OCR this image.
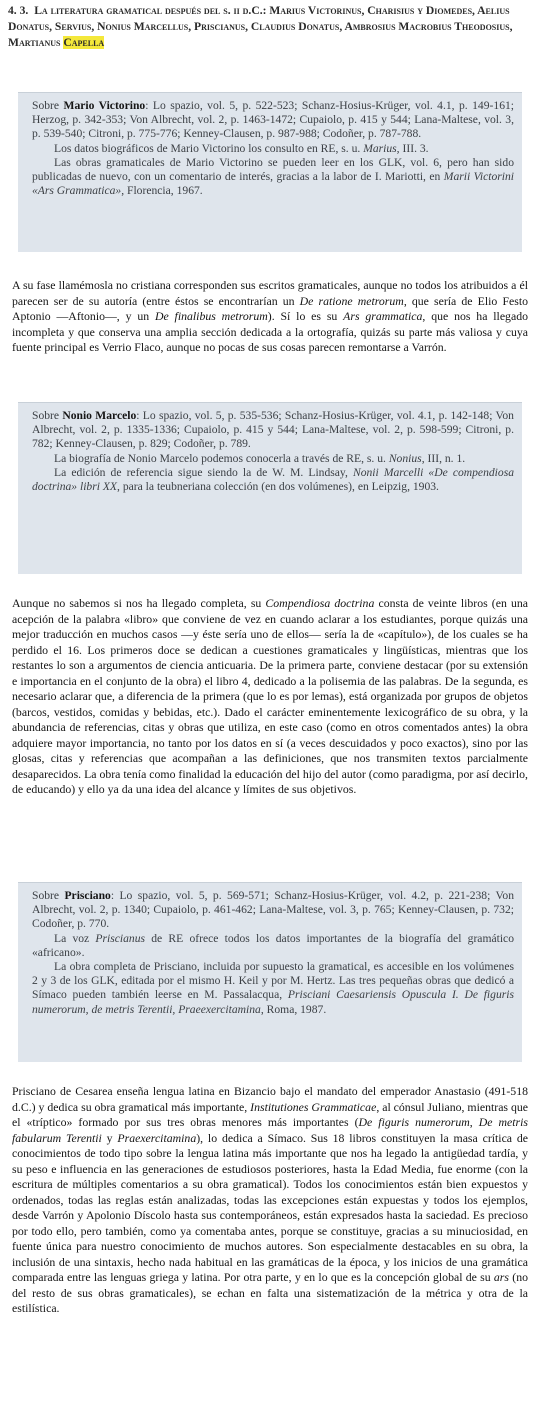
4. 3. La literatura gramatical después del s. ii d.C.: Marius Victorinus, Charisius y Diomedes, Aelius Donatus, Servius, Nonius Marcellus, Priscianus, Claudius Donatus, Ambrosius Macrobius Theodosius, Martianus Capella

Sobre Mario Victorino: Lo spazio, vol. 5, p. 522-523; Schanz-Hosius-Krüger, vol. 4.1, p. 149-161; Herzog, p. 342-353; Von Albrecht, vol. 2, p. 1463-1472; Cupaiolo, p. 415 y 544; Lana-Maltese, vol. 3, p. 539-540; Citroni, p. 775-776; Kenney-Clausen, p. 987-988; Codoñer, p. 787-788.

Los datos biográficos de Mario Victorino los consulto en RE, s. u. Marius, III. 3.

Las obras gramaticales de Mario Victorino se pueden leer en los GLK, vol. 6, pero han sido publicadas de nuevo, con un comentario de interés, gracias a la labor de I. Mariotti, en Marii Victorini «Ars Grammatica», Florencia, 1967.

A su fase llamémosla no cristiana corresponden sus escritos gramaticales, aunque no todos los atribuidos a él parecen ser de su autoría (entre éstos se encontrarían un De ratione metrorum, que sería de Elio Festo Aptonio —Aftonio—, y un De finalibus metrorum). Sí lo es su Ars grammatica, que nos ha llegado incompleta y que conserva una amplia sección dedicada a la ortografía, quizás su parte más valiosa y cuya fuente principal es Verrio Flaco, aunque no pocas de sus cosas parecen remontarse a Varrón.

Sobre Nonio Marcelo: Lo spazio, vol. 5, p. 535-536; Schanz-Hosius-Krüger, vol. 4.1, p. 142-148; Von Albrecht, vol. 2, p. 1335-1336; Cupaiolo, p. 415 y 544; Lana-Maltese, vol. 2, p. 598-599; Citroni, p. 782; Kenney-Clausen, p. 829; Codoñer, p. 789.

La biografía de Nonio Marcelo podemos conocerla a través de RE, s. u. Nonius, III, n. 1.

La edición de referencia sigue siendo la de W. M. Lindsay, Nonii Marcelli «De compendiosa doctrina» libri XX, para la teubneriana colección (en dos volúmenes), en Leipzig, 1903.

Aunque no sabemos si nos ha llegado completa, su Compendiosa doctrina consta de veinte libros (en una acepción de la palabra «libro» que conviene de vez en cuando aclarar a los estudiantes, porque quizás una mejor traducción en muchos casos —y éste sería uno de ellos— sería la de «capítulo»), de los cuales se ha perdido el 16. Los primeros doce se dedican a cuestiones gramaticales y lingüísticas, mientras que los restantes lo son a argumentos de ciencia anticuaria. De la primera parte, conviene destacar (por su extensión e importancia en el conjunto de la obra) el libro 4, dedicado a la polisemia de las palabras. De la segunda, es necesario aclarar que, a diferencia de la primera (que lo es por lemas), está organizada por grupos de objetos (barcos, vestidos, comidas y bebidas, etc.). Dado el carácter eminentemente lexicográfico de su obra, y la abundancia de referencias, citas y obras que utiliza, en este caso (como en otros comentados antes) la obra adquiere mayor importancia, no tanto por los datos en sí (a veces descuidados y poco exactos), sino por las glosas, citas y referencias que acompañan a las definiciones, que nos transmiten textos parcialmente desaparecidos. La obra tenía como finalidad la educación del hijo del autor (como paradigma, por así decirlo, de educando) y ello ya da una idea del alcance y límites de sus objetivos.

Sobre Prisciano: Lo spazio, vol. 5, p. 569-571; Schanz-Hosius-Krüger, vol. 4.2, p. 221-238; Von Albrecht, vol. 2, p. 1340; Cupaiolo, p. 461-462; Lana-Maltese, vol. 3, p. 765; Kenney-Clausen, p. 732; Codoñer, p. 770.

La voz Priscianus de RE ofrece todos los datos importantes de la biografía del gramático «africano».

La obra completa de Prisciano, incluida por supuesto la gramatical, es accesible en los volúmenes 2 y 3 de los GLK, editada por el mismo H. Keil y por M. Hertz. Las tres pequeñas obras que dedicó a Símaco pueden también leerse en M. Passalacqua, Prisciani Caesariensis Opuscula I. De figuris numerorum, de metris Terentii, Praeexercitamina, Roma, 1987.

Prisciano de Cesarea enseña lengua latina en Bizancio bajo el mandato del emperador Anastasio (491-518 d.C.) y dedica su obra gramatical más importante, Institutiones Grammaticae, al cónsul Juliano, mientras que el «tríptico» formado por sus tres obras menores más importantes (De figuris numerorum, De metris fabularum Terentii y Praexercitamina), lo dedica a Símaco. Sus 18 libros constituyen la masa crítica de conocimientos de todo tipo sobre la lengua latina más importante que nos ha legado la antigüedad tardía, y su peso e influencia en las generaciones de estudiosos posteriores, hasta la Edad Media, fue enorme (con la escritura de múltiples comentarios a su obra gramatical). Todos los conocimientos están bien expuestos y ordenados, todas las reglas están analizadas, todas las excepciones están expuestas y todos los ejemplos, desde Varrón y Apolonio Díscolo hasta sus contemporáneos, están expresados hasta la saciedad. Es precioso por todo ello, pero también, como ya comentaba antes, porque se constituye, gracias a su minuciosidad, en fuente única para nuestro conocimiento de muchos autores. Son especialmente destacables en su obra, la inclusión de una sintaxis, hecho nada habitual en las gramáticas de la época, y los inicios de una gramática comparada entre las lenguas griega y latina. Por otra parte, y en lo que es la concepción global de su ars (no del resto de sus obras gramaticales), se echan en falta una sistematización de la métrica y otra de la estilística.
